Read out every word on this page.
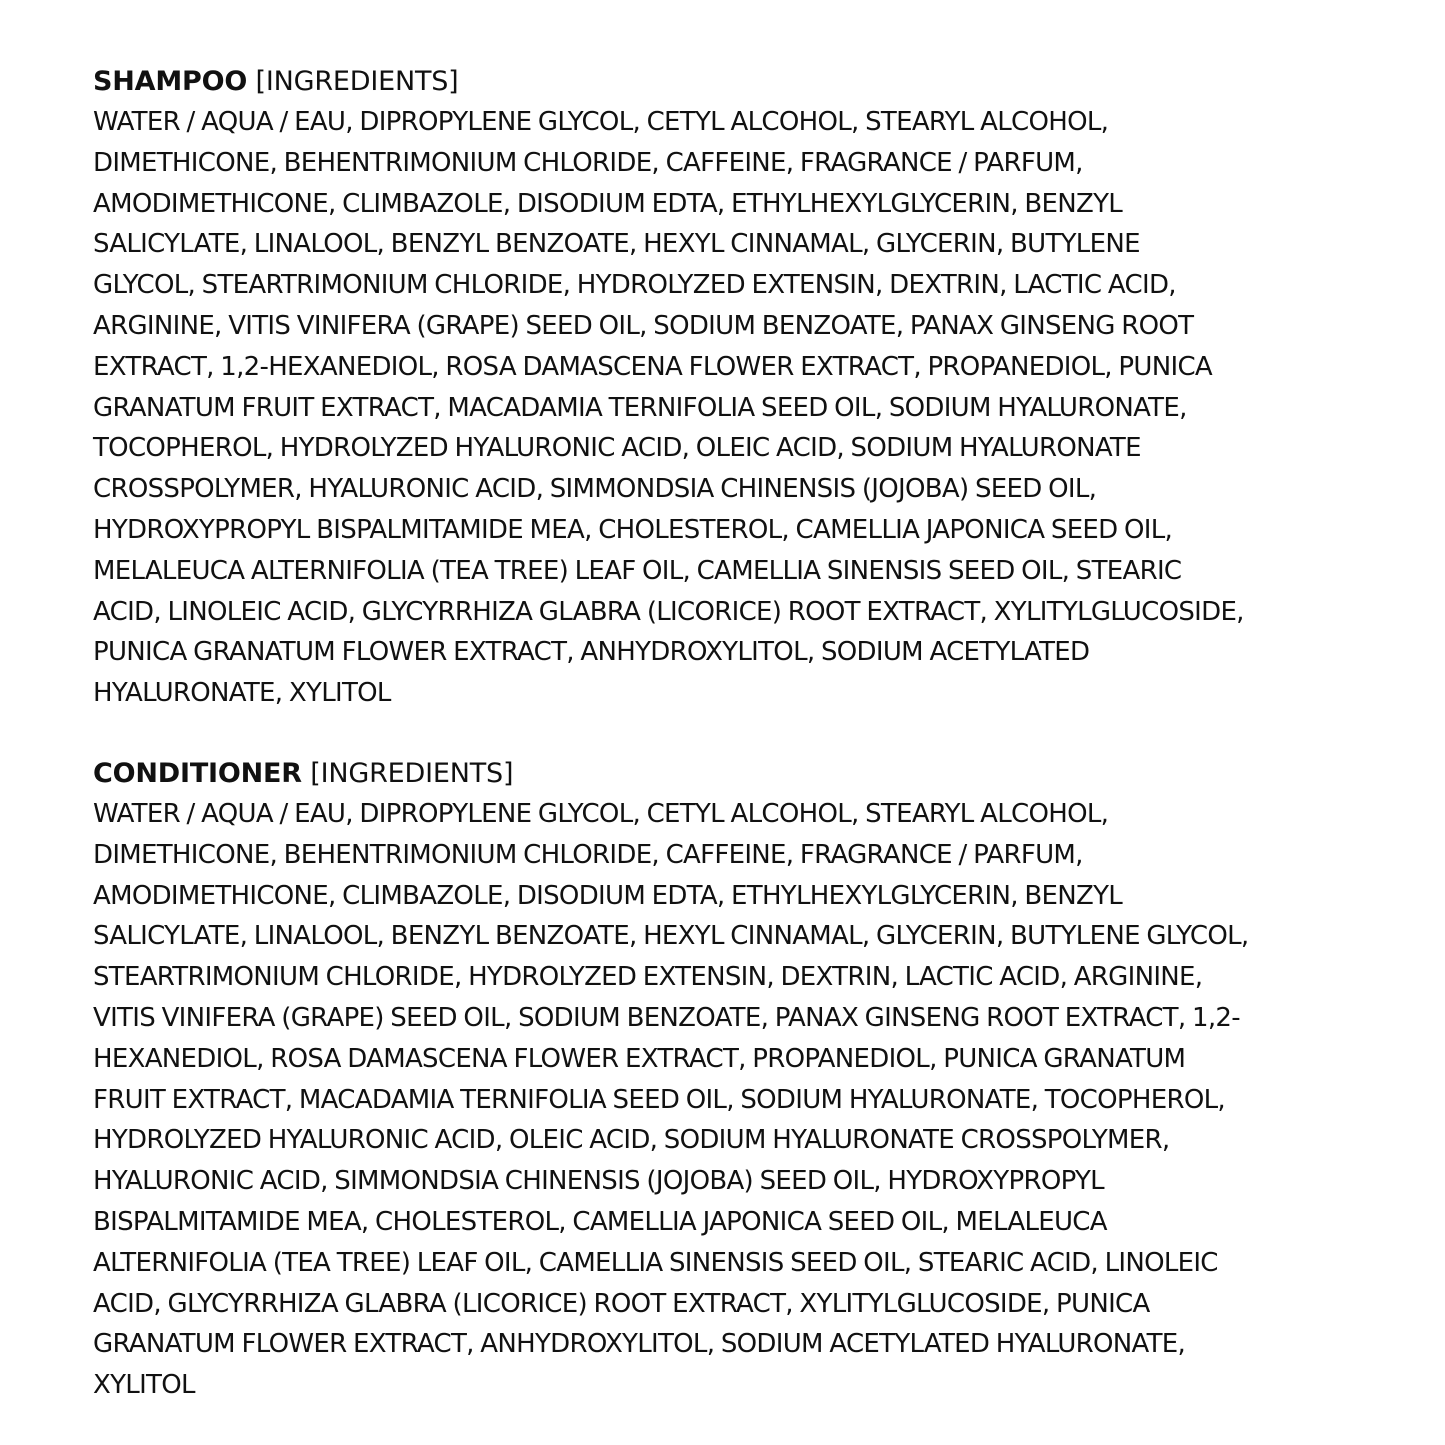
SHAMPOO [INGREDIENTS]
WATER / AQUA / EAU, DIPROPYLENE GLYCOL, CETYL ALCOHOL, STEARYL ALCOHOL,
DIMETHICONE, BEHENTRIMONIUM CHLORIDE, CAFFEINE, FRAGRANCE / PARFUM,
AMODIMETHICONE, CLIMBAZOLE, DISODIUM EDTA, ETHYLHEXYLGLYCERIN, BENZYL
SALICYLATE, LINALOOL, BENZYL BENZOATE, HEXYL CINNAMAL, GLYCERIN, BUTYLENE
GLYCOL, STEARTRIMONIUM CHLORIDE, HYDROLYZED EXTENSIN, DEXTRIN, LACTIC ACID,
ARGININE, VITIS VINIFERA (GRAPE) SEED OIL, SODIUM BENZOATE, PANAX GINSENG ROOT
EXTRACT, 1,2-HEXANEDIOL, ROSA DAMASCENA FLOWER EXTRACT, PROPANEDIOL, PUNICA
GRANATUM FRUIT EXTRACT, MACADAMIA TERNIFOLIA SEED OIL, SODIUM HYALURONATE,
TOCOPHEROL, HYDROLYZED HYALURONIC ACID, OLEIC ACID, SODIUM HYALURONATE
CROSSPOLYMER, HYALURONIC ACID, SIMMONDSIA CHINENSIS (JOJOBA) SEED OIL,
HYDROXYPROPYL BISPALMITAMIDE MEA, CHOLESTEROL, CAMELLIA JAPONICA SEED OIL,
MELALEUCA ALTERNIFOLIA (TEA TREE) LEAF OIL, CAMELLIA SINENSIS SEED OIL, STEARIC
ACID, LINOLEIC ACID, GLYCYRRHIZA GLABRA (LICORICE) ROOT EXTRACT, XYLITYLGLUCOSIDE,
PUNICA GRANATUM FLOWER EXTRACT, ANHYDROXYLITOL, SODIUM ACETYLATED
HYALURONATE, XYLITOL
CONDITIONER [INGREDIENTS]
WATER / AQUA / EAU, DIPROPYLENE GLYCOL, CETYL ALCOHOL, STEARYL ALCOHOL,
DIMETHICONE, BEHENTRIMONIUM CHLORIDE, CAFFEINE, FRAGRANCE / PARFUM,
AMODIMETHICONE, CLIMBAZOLE, DISODIUM EDTA, ETHYLHEXYLGLYCERIN, BENZYL
SALICYLATE, LINALOOL, BENZYL BENZOATE, HEXYL CINNAMAL, GLYCERIN, BUTYLENE GLYCOL,
STEARTRIMONIUM CHLORIDE, HYDROLYZED EXTENSIN, DEXTRIN, LACTIC ACID, ARGININE,
VITIS VINIFERA (GRAPE) SEED OIL, SODIUM BENZOATE, PANAX GINSENG ROOT EXTRACT, 1,2-
HEXANEDIOL, ROSA DAMASCENA FLOWER EXTRACT, PROPANEDIOL, PUNICA GRANATUM
FRUIT EXTRACT, MACADAMIA TERNIFOLIA SEED OIL, SODIUM HYALURONATE, TOCOPHEROL,
HYDROLYZED HYALURONIC ACID, OLEIC ACID, SODIUM HYALURONATE CROSSPOLYMER,
HYALURONIC ACID, SIMMONDSIA CHINENSIS (JOJOBA) SEED OIL, HYDROXYPROPYL
BISPALMITAMIDE MEA, CHOLESTEROL, CAMELLIA JAPONICA SEED OIL, MELALEUCA
ALTERNIFOLIA (TEA TREE) LEAF OIL, CAMELLIA SINENSIS SEED OIL, STEARIC ACID, LINOLEIC
ACID, GLYCYRRHIZA GLABRA (LICORICE) ROOT EXTRACT, XYLITYLGLUCOSIDE, PUNICA
GRANATUM FLOWER EXTRACT, ANHYDROXYLITOL, SODIUM ACETYLATED HYALURONATE,
XYLITOL
